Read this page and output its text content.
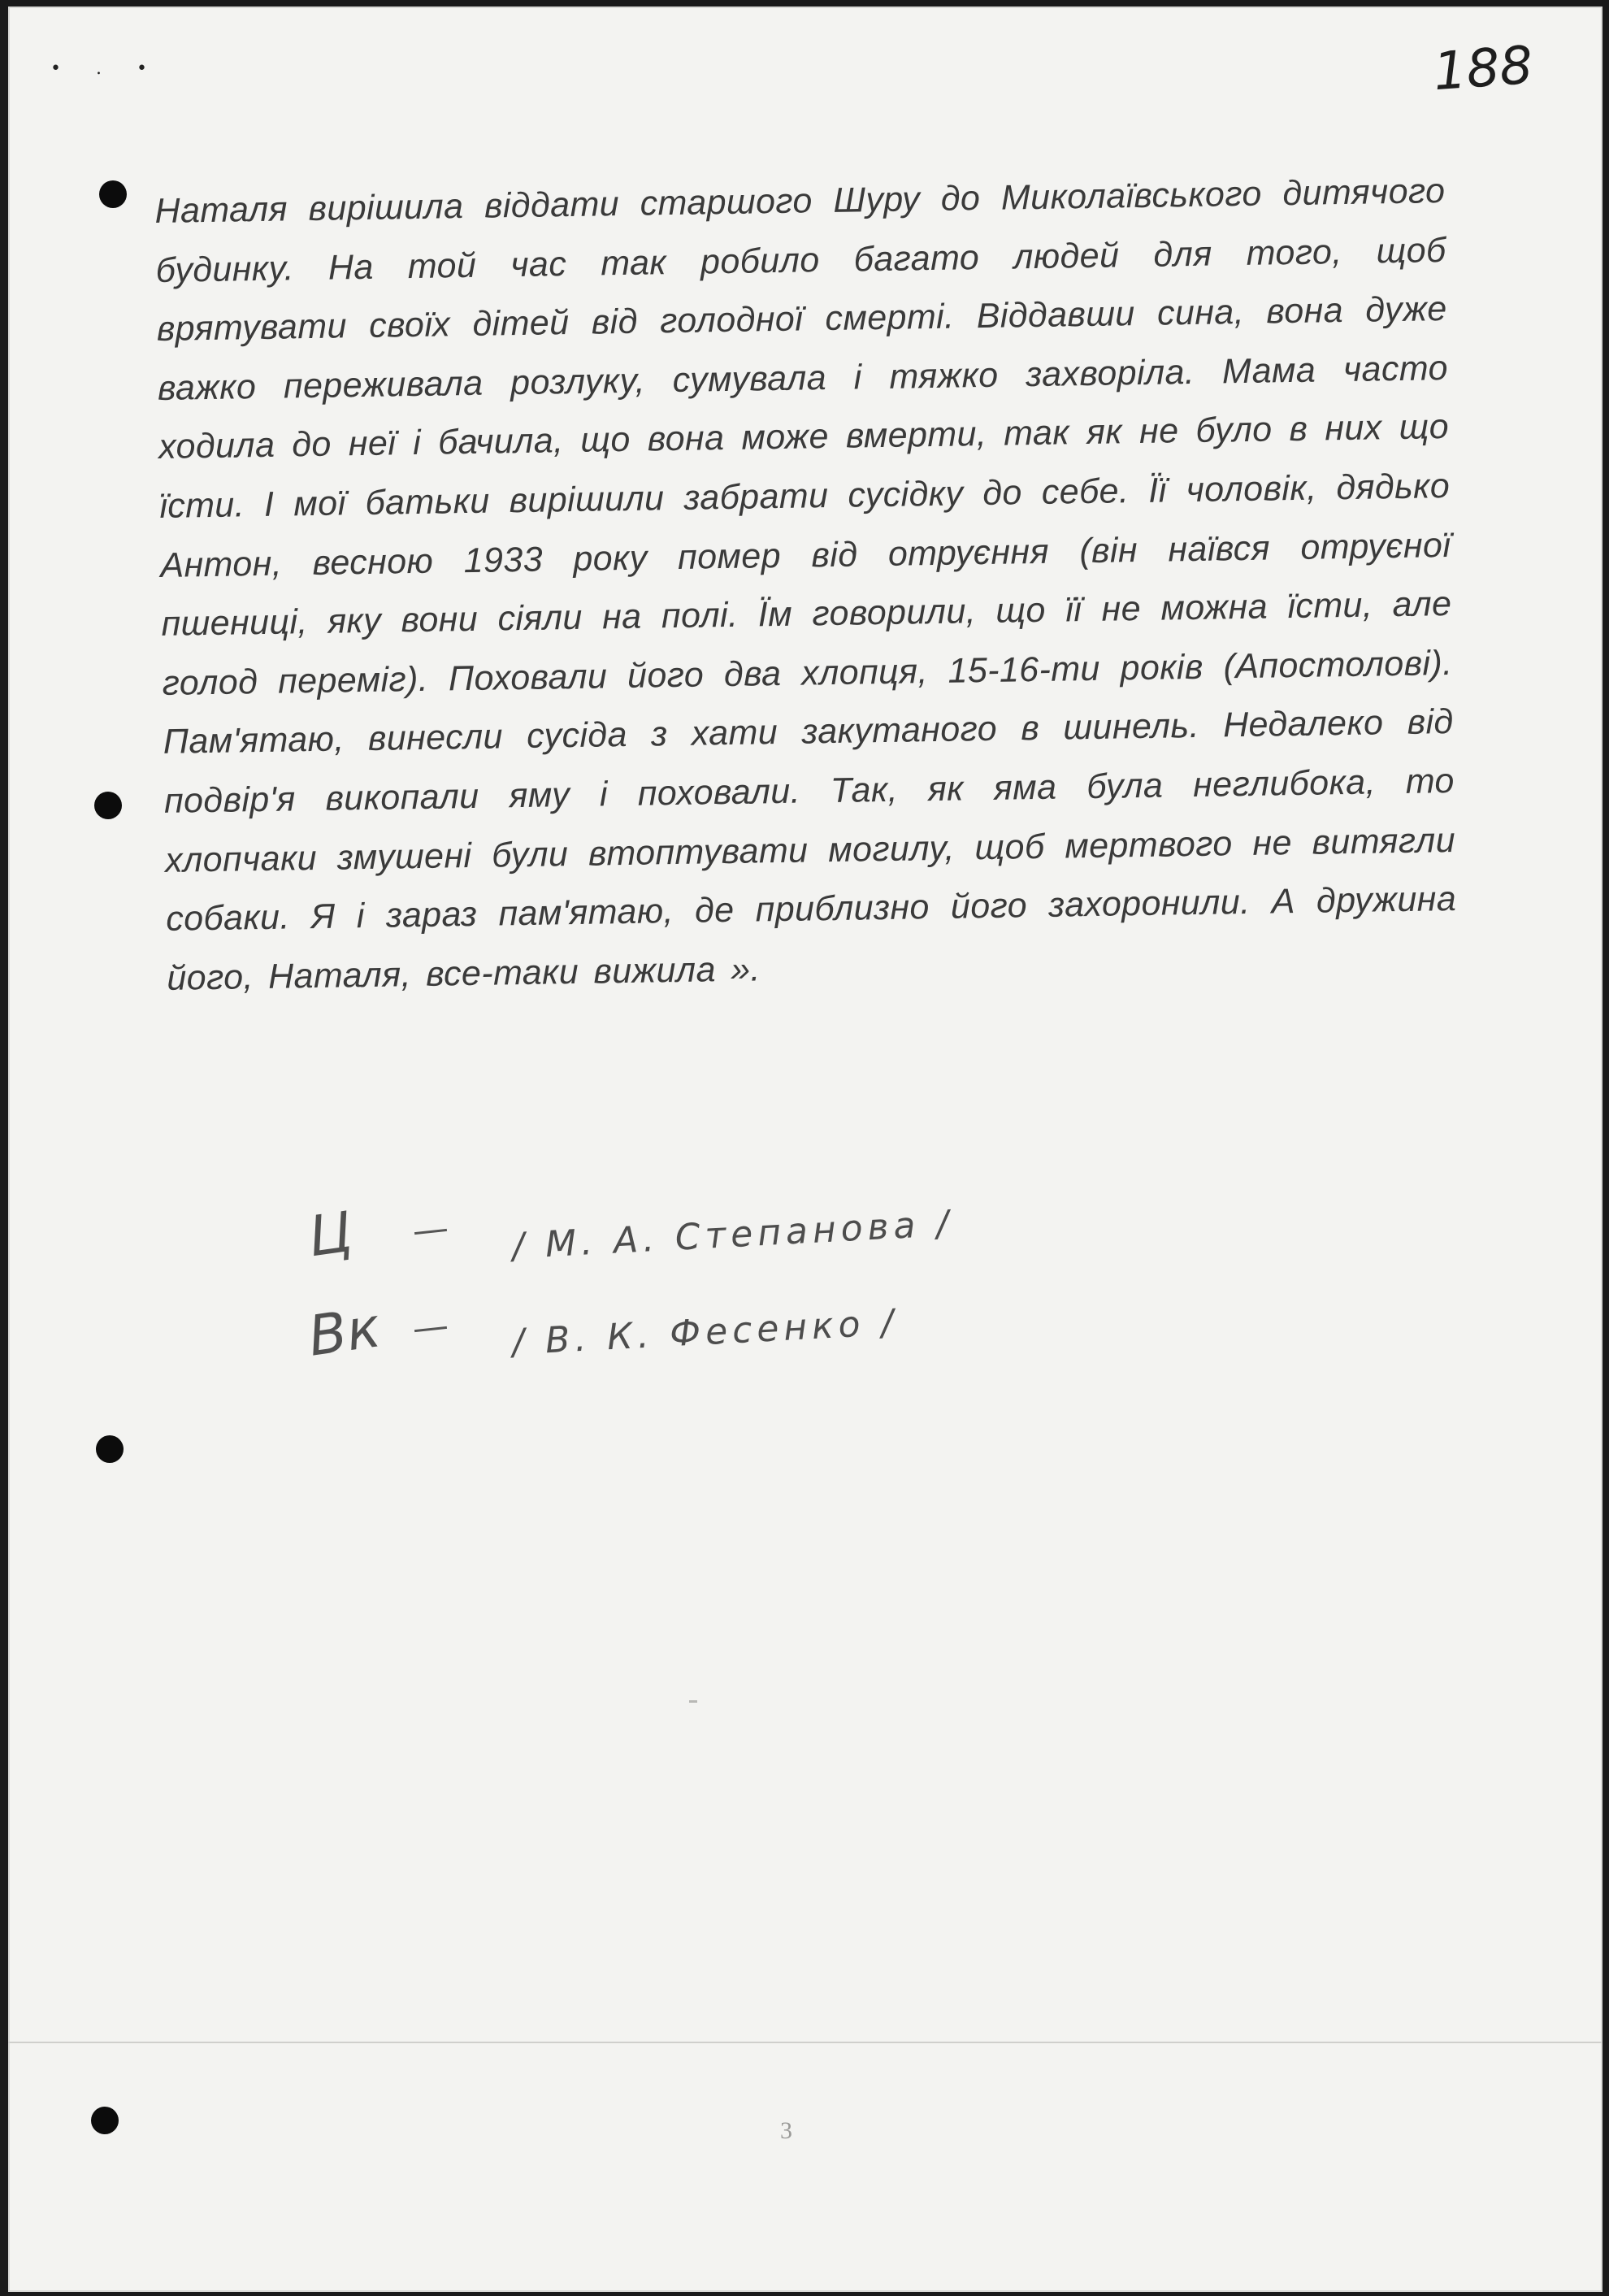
• . •	188
Наталя вирішила віддати старшого Шуру до Миколаївського дитячого будинку. На той час так робило багато людей для того, щоб врятувати своїх дітей від голодної смерті. Віддавши сина, вона дуже важко переживала розлуку, сумувала і тяжко захворіла. Мама часто ходила до неї і бачила, що вона може вмерти, так як не було в них що їсти. І мої батьки вирішили забрати сусідку до себе. Її чоловік, дядько Антон, весною 1933 року помер від отруєння (він наївся отруєної пшениці, яку вони сіяли на полі. Їм говорили, що її не можна їсти, але голод переміг). Поховали його два хлопця, 15-16-ти років (Апостолові). Пам'ятаю, винесли сусіда з хати закутаного в шинель. Недалеко від подвір'я викопали яму і поховали. Так, як яма була неглибока, то хлопчаки змушені були втоптувати могилу, щоб мертвого не витягли собаки. Я і зараз пам'ятаю, де приблизно його захоронили. А дружина його, Наталя, все-таки вижила ».
Ц	/ М. А. Степанова /
Вк	/ В. К. Фесенко /
3
